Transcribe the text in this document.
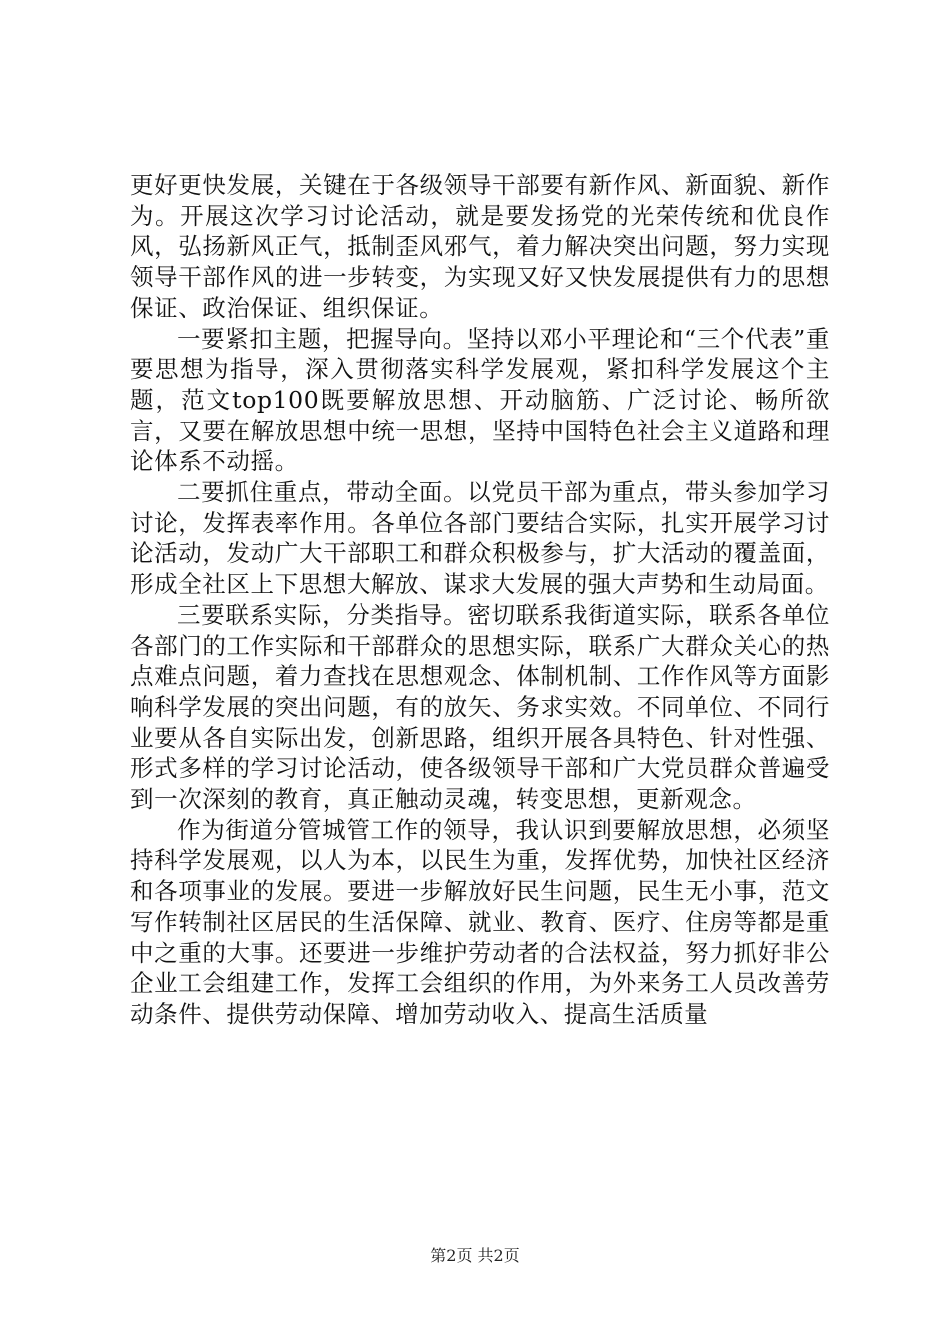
更好更快发展，关键在于各级领导干部要有新作风、新面貌、新作为。开展这次学习讨论活动，就是要发扬党的光荣传统和优良作风，弘扬新风正气，抵制歪风邪气，着力解决突出问题，努力实现领导干部作风的进一步转变，为实现又好又快发展提供有力的思想保证、政治保证、组织保证。

一要紧扣主题，把握导向。坚持以邓小平理论和“三个代表”重要思想为指导，深入贯彻落实科学发展观，紧扣科学发展这个主题，范文top100既要解放思想、开动脑筋、广泛讨论、畅所欲言，又要在解放思想中统一思想，坚持中国特色社会主义道路和理论体系不动摇。

二要抓住重点，带动全面。以党员干部为重点，带头参加学习讨论，发挥表率作用。各单位各部门要结合实际，扎实开展学习讨论活动，发动广大干部职工和群众积极参与，扩大活动的覆盖面，形成全社区上下思想大解放、谋求大发展的强大声势和生动局面。

三要联系实际，分类指导。密切联系我街道实际，联系各单位各部门的工作实际和干部群众的思想实际，联系广大群众关心的热点难点问题，着力查找在思想观念、体制机制、工作作风等方面影响科学发展的突出问题，有的放矢、务求实效。不同单位、不同行业要从各自实际出发，创新思路，组织开展各具特色、针对性强、形式多样的学习讨论活动，使各级领导干部和广大党员群众普遍受到一次深刻的教育，真正触动灵魂，转变思想，更新观念。

作为街道分管城管工作的领导，我认识到要解放思想，必须坚持科学发展观，以人为本，以民生为重，发挥优势，加快社区经济和各项事业的发展。要进一步解放好民生问题，民生无小事，范文写作转制社区居民的生活保障、就业、教育、医疗、住房等都是重中之重的大事。还要进一步维护劳动者的合法权益，努力抓好非公企业工会组建工作，发挥工会组织的作用，为外来务工人员改善劳动条件、提供劳动保障、增加劳动收入、提高生活质量

第2页 共2页
